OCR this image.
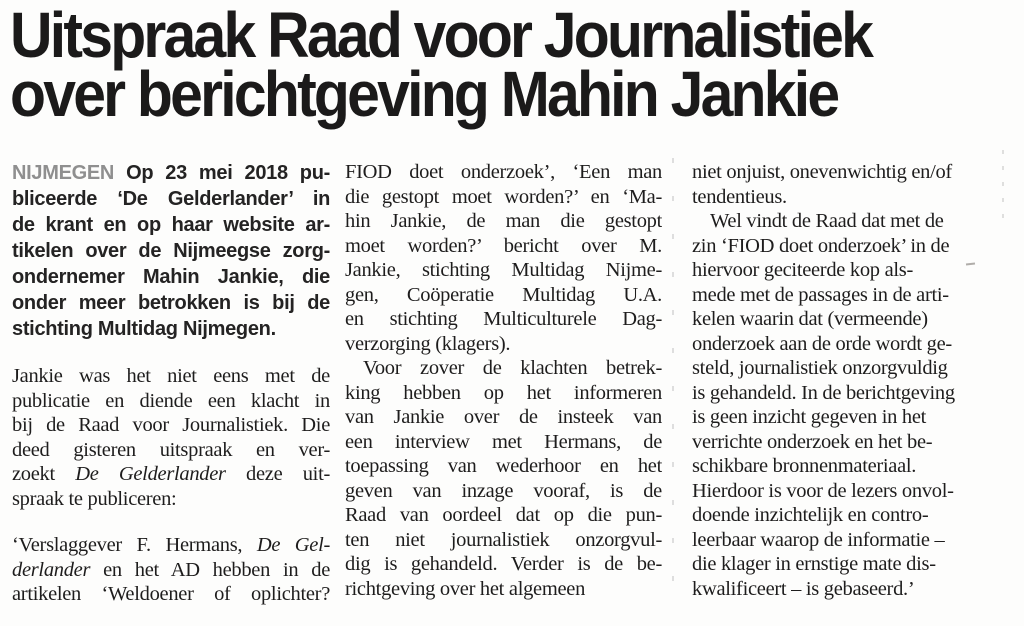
Uitspraak Raad voor Journalistiek
over berichtgeving Mahin Jankie
NIJMEGEN Op 23 mei 2018 pu-
bliceerde ‘De Gelderlander’ in
de krant en op haar website ar-
tikelen over de Nijmeegse zorg-
ondernemer Mahin Jankie, die
onder meer betrokken is bij de
stichting Multidag Nijmegen.
Jankie was het niet eens met de
publicatie en diende een klacht in
bij de Raad voor Journalistiek. Die
deed gisteren uitspraak en ver-
zoekt De Gelderlander deze uit-
spraak te publiceren:
‘Verslaggever F. Hermans, De Gel-
derlander en het AD hebben in de
artikelen ‘Weldoener of oplichter?
FIOD doet onderzoek’, ‘Een man
die gestopt moet worden?’ en ‘Ma-
hin Jankie, de man die gestopt
moet worden?’ bericht over M.
Jankie, stichting Multidag Nijme-
gen, Coöperatie Multidag U.A.
en stichting Multiculturele Dag-
verzorging (klagers).
Voor zover de klachten betrek-
king hebben op het informeren
van Jankie over de insteek van
een interview met Hermans, de
toepassing van wederhoor en het
geven van inzage vooraf, is de
Raad van oordeel dat op die pun-
ten niet journalistiek onzorgvul-
dig is gehandeld. Verder is de be-
richtgeving over het algemeen
niet onjuist, onevenwichtig en/of
tendentieus.
Wel vindt de Raad dat met de
zin ‘FIOD doet onderzoek’ in de
hiervoor geciteerde kop als-
mede met de passages in de arti-
kelen waarin dat (vermeende)
onderzoek aan de orde wordt ge-
steld, journalistiek onzorgvuldig
is gehandeld. In de berichtgeving
is geen inzicht gegeven in het
verrichte onderzoek en het be-
schikbare bronnenmateriaal.
Hierdoor is voor de lezers onvol-
doende inzichtelijk en contro-
leerbaar waarop de informatie –
die klager in ernstige mate dis-
kwalificeert – is gebaseerd.’
